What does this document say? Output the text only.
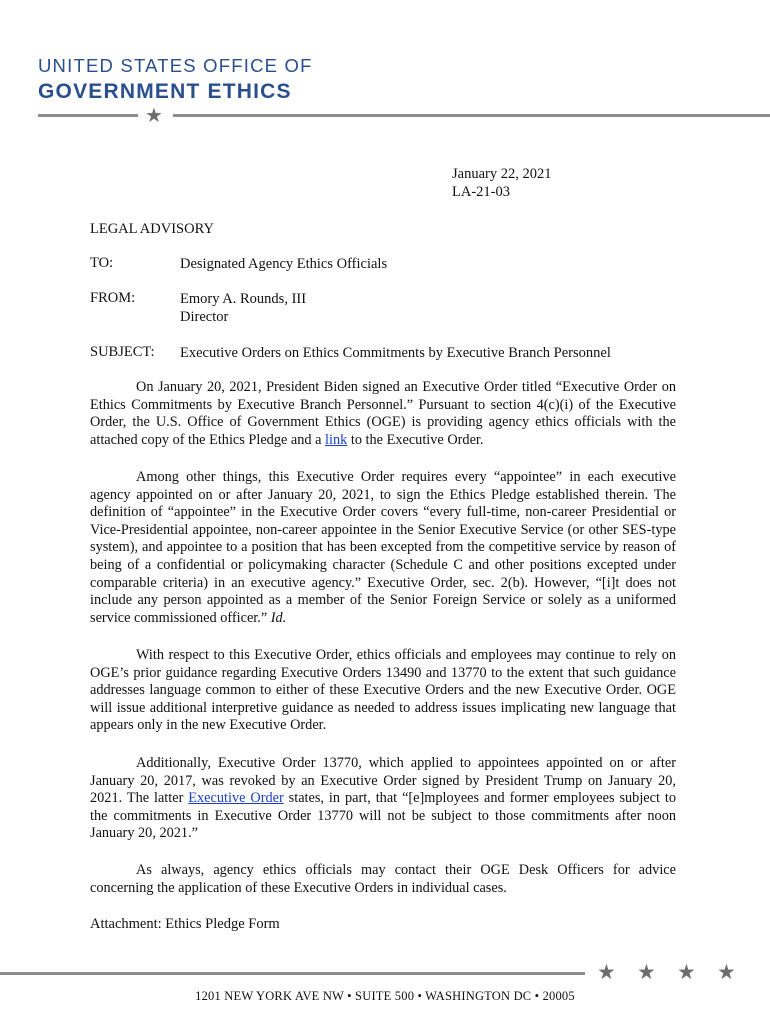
UNITED STATES OFFICE OF
GOVERNMENT ETHICS
★
January 22, 2021
LA-21-03
LEGAL ADVISORY
TO:	Designated Agency Ethics Officials
FROM:	Emory A. Rounds, III
Director
SUBJECT: Executive Orders on Ethics Commitments by Executive Branch Personnel

On January 20, 2021, President Biden signed an Executive Order titled “Executive Order on Ethics Commitments by Executive Branch Personnel.” Pursuant to section 4(c)(i) of the Executive Order, the U.S. Office of Government Ethics (OGE) is providing agency ethics officials with the attached copy of the Ethics Pledge and a link to the Executive Order.

Among other things, this Executive Order requires every “appointee” in each executive agency appointed on or after January 20, 2021, to sign the Ethics Pledge established therein. The definition of “appointee” in the Executive Order covers “every full-time, non-career Presidential or Vice-Presidential appointee, non-career appointee in the Senior Executive Service (or other SES-type system), and appointee to a position that has been excepted from the competitive service by reason of being of a confidential or policymaking character (Schedule C and other positions excepted under comparable criteria) in an executive agency.” Executive Order, sec. 2(b). However, “[i]t does not include any person appointed as a member of the Senior Foreign Service or solely as a uniformed service commissioned officer.” Id.

With respect to this Executive Order, ethics officials and employees may continue to rely on OGE’s prior guidance regarding Executive Orders 13490 and 13770 to the extent that such guidance addresses language common to either of these Executive Orders and the new Executive Order. OGE will issue additional interpretive guidance as needed to address issues implicating new language that appears only in the new Executive Order.

Additionally, Executive Order 13770, which applied to appointees appointed on or after January 20, 2017, was revoked by an Executive Order signed by President Trump on January 20, 2021. The latter Executive Order states, in part, that “[e]mployees and former employees subject to the commitments in Executive Order 13770 will not be subject to those commitments after noon January 20, 2021.”

As always, agency ethics officials may contact their OGE Desk Officers for advice concerning the application of these Executive Orders in individual cases.

Attachment: Ethics Pledge Form
★ ★ ★ ★
1201 NEW YORK AVE NW • SUITE 500 • WASHINGTON DC • 20005
